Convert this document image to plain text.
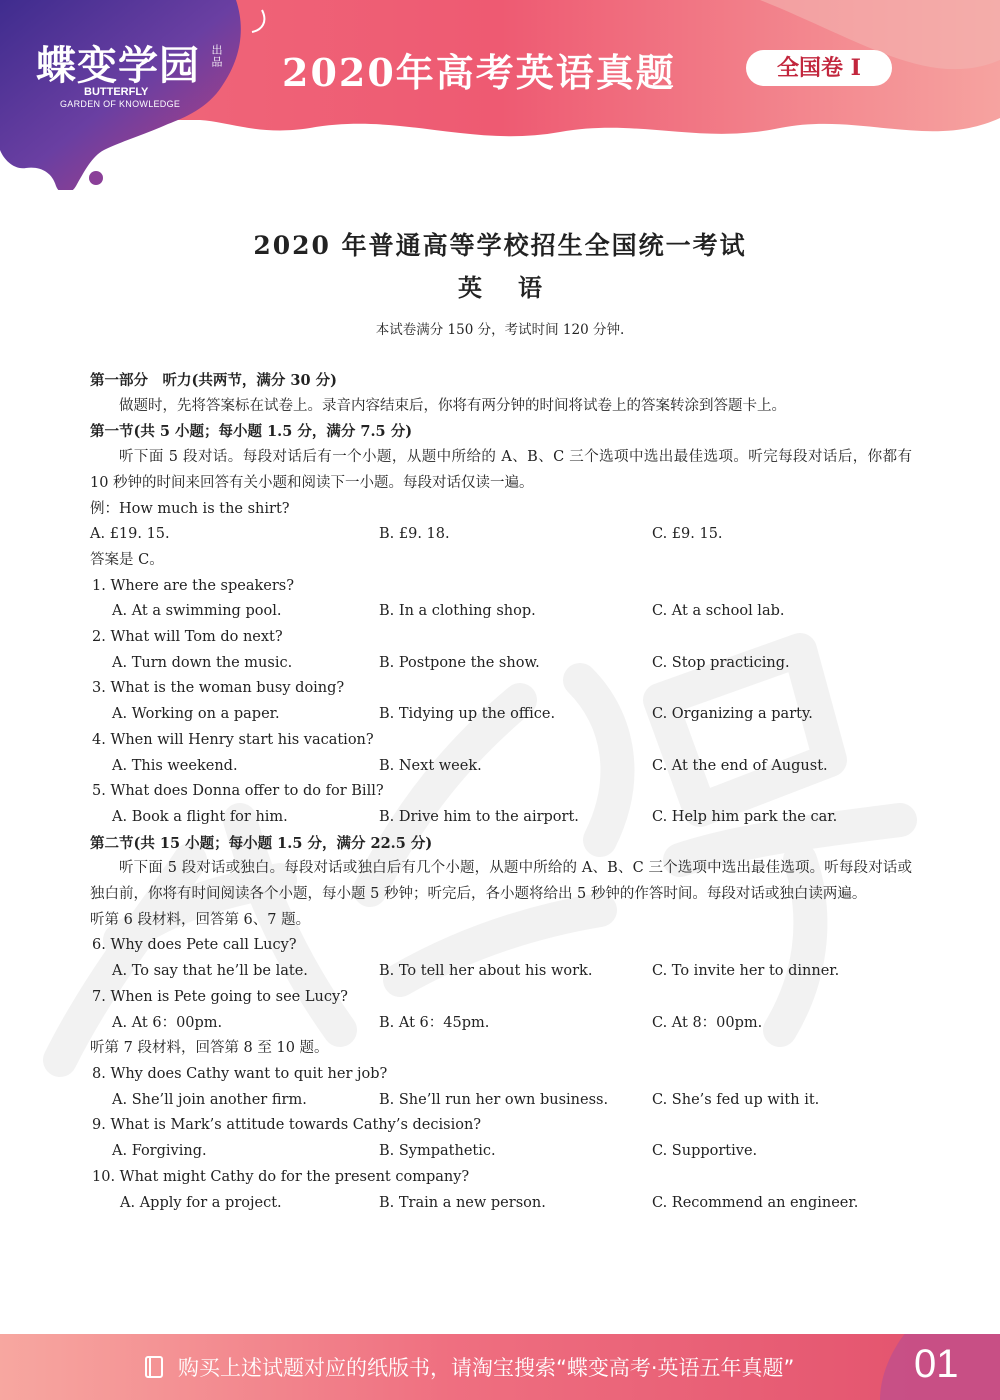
蝶变学园 出品
BUTTERFLY
GARDEN OF KNOWLEDGE
2020年高考英语真题	全国卷 I
2020 年普通高等学校招生全国统一考试
英语
本试卷满分 150 分，考试时间 120 分钟.
第一部分　听力(共两节，满分 30 分)
做题时，先将答案标在试卷上。录音内容结束后，你将有两分钟的时间将试卷上的答案转涂到答题卡上。
第一节(共 5 小题；每小题 1.5 分，满分 7.5 分)
听下面 5 段对话。每段对话后有一个小题，从题中所给的 A、B、C 三个选项中选出最佳选项。听完每段对话后，你都有 10 秒钟的时间来回答有关小题和阅读下一小题。每段对话仅读一遍。
例：How much is the shirt?
A. £19. 15.	B. £9. 18.	C. £9. 15.
答案是 C。
1. Where are the speakers?
A. At a swimming pool.	B. In a clothing shop.	C. At a school lab.
2. What will Tom do next?
A. Turn down the music.	B. Postpone the show.	C. Stop practicing.
3. What is the woman busy doing?
A. Working on a paper.	B. Tidying up the office.	C. Organizing a party.
4. When will Henry start his vacation?
A. This weekend.	B. Next week.	C. At the end of August.
5. What does Donna offer to do for Bill?
A. Book a flight for him.	B. Drive him to the airport.	C. Help him park the car.
第二节(共 15 小题；每小题 1.5 分，满分 22.5 分)
听下面 5 段对话或独白。每段对话或独白后有几个小题，从题中所给的 A、B、C 三个选项中选出最佳选项。听每段对话或独白前，你将有时间阅读各个小题，每小题 5 秒钟；听完后，各小题将给出 5 秒钟的作答时间。每段对话或独白读两遍。
听第 6 段材料，回答第 6、7 题。
6. Why does Pete call Lucy?
A. To say that he’ll be late.	B. To tell her about his work.	C. To invite her to dinner.
7. When is Pete going to see Lucy?
A. At 6：00pm.	B. At 6：45pm.	C. At 8：00pm.
听第 7 段材料，回答第 8 至 10 题。
8. Why does Cathy want to quit her job?
A. She’ll join another firm.	B. She’ll run her own business.	C. She’s fed up with it.
9. What is Mark’s attitude towards Cathy’s decision?
A. Forgiving.	B. Sympathetic.	C. Supportive.
10. What might Cathy do for the present company?
A. Apply for a project.	B. Train a new person.	C. Recommend an engineer.
购买上述试题对应的纸版书，请淘宝搜索“蝶变高考·英语五年真题”	01
